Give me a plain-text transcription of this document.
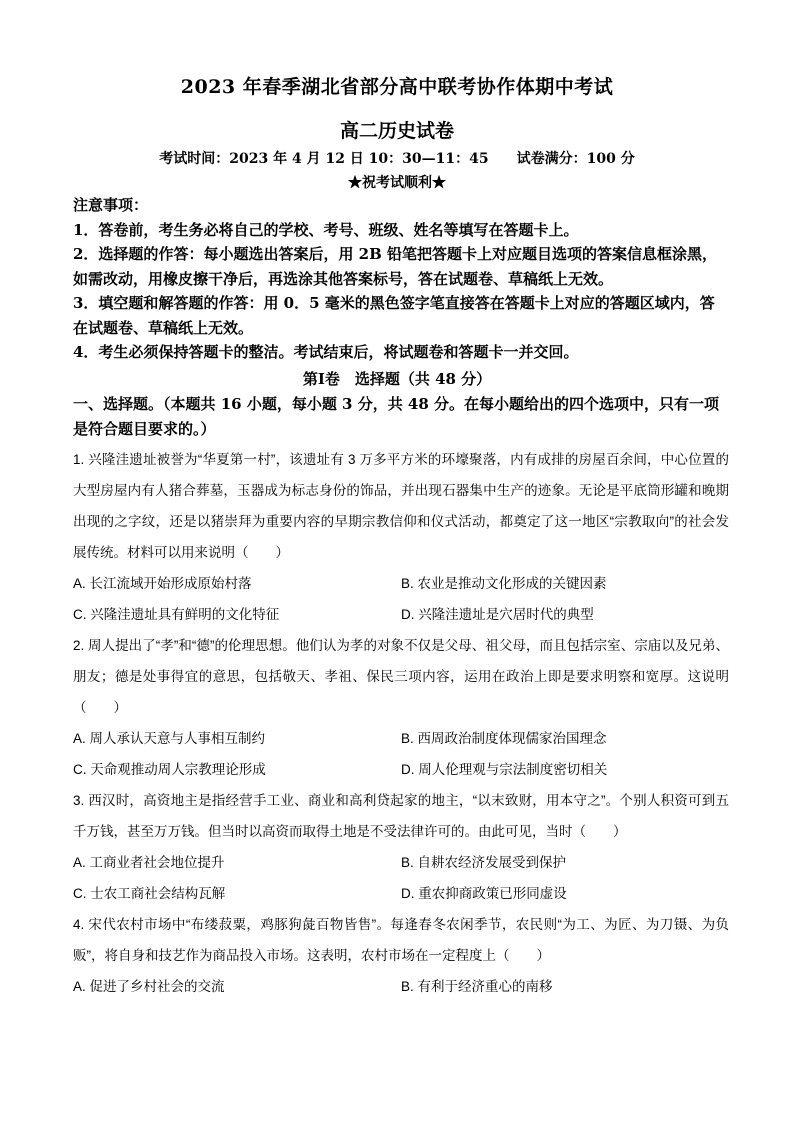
2023 年春季湖北省部分高中联考协作体期中考试
高二历史试卷
考试时间：2023 年 4 月 12 日 10：30—11：45 试卷满分：100 分
★祝考试顺利★

注意事项：

1．答卷前，考生务必将自己的学校、考号、班级、姓名等填写在答题卡上。

2．选择题的作答：每小题选出答案后，用 2B 铅笔把答题卡上对应题目选项的答案信息框涂黑，如需改动，用橡皮擦干净后，再选涂其他答案标号，答在试题卷、草稿纸上无效。

3．填空题和解答题的作答：用 0．5 毫米的黑色签字笔直接答在答题卡上对应的答题区域内，答在试题卷、草稿纸上无效。

4．考生必须保持答题卡的整洁。考试结束后，将试题卷和答题卡一并交回。

第Ⅰ卷　选择题（共 48 分）
一、选择题。（本题共 16 小题，每小题 3 分，共 48 分。在每小题给出的四个选项中，只有一项是符合题目要求的。）

1. 兴隆洼遗址被誉为“华夏第一村”，该遗址有 3 万多平方米的环壕聚落，内有成排的房屋百余间，中心位置的大型房屋内有人猪合葬墓，玉器成为标志身份的饰品，并出现石器集中生产的迹象。无论是平底筒形罐和晚期出现的之字纹，还是以猪崇拜为重要内容的早期宗教信仰和仪式活动，都奠定了这一地区“宗教取向”的社会发展传统。材料可以用来说明（　　）

A. 长江流域开始形成原始村落	B. 农业是推动文化形成的关键因素
C. 兴隆洼遗址具有鲜明的文化特征	D. 兴隆洼遗址是穴居时代的典型

2. 周人提出了“孝”和“德”的伦理思想。他们认为孝的对象不仅是父母、祖父母，而且包括宗室、宗庙以及兄弟、朋友；德是处事得宜的意思，包括敬天、孝祖、保民三项内容，运用在政治上即是要求明察和宽厚。这说明（　　）

A. 周人承认天意与人事相互制约	B. 西周政治制度体现儒家治国理念
C. 天命观推动周人宗教理论形成	D. 周人伦理观与宗法制度密切相关

3. 西汉时，高资地主是指经营手工业、商业和高利贷起家的地主，“以末致财，用本守之”。个别人积资可到五千万钱，甚至万万钱。但当时以高资而取得土地是不受法律许可的。由此可见，当时（　　）

A. 工商业者社会地位提升	B. 自耕农经济发展受到保护
C. 士农工商社会结构瓦解	D. 重农抑商政策已形同虚设

4. 宋代农村市场中“布缕菽粟，鸡豚狗彘百物皆售”。每逢春冬农闲季节，农民则“为工、为匠、为刀镊、为负贩”，将自身和技艺作为商品投入市场。这表明，农村市场在一定程度上（　　）

A. 促进了乡村社会的交流	B. 有利于经济重心的南移
